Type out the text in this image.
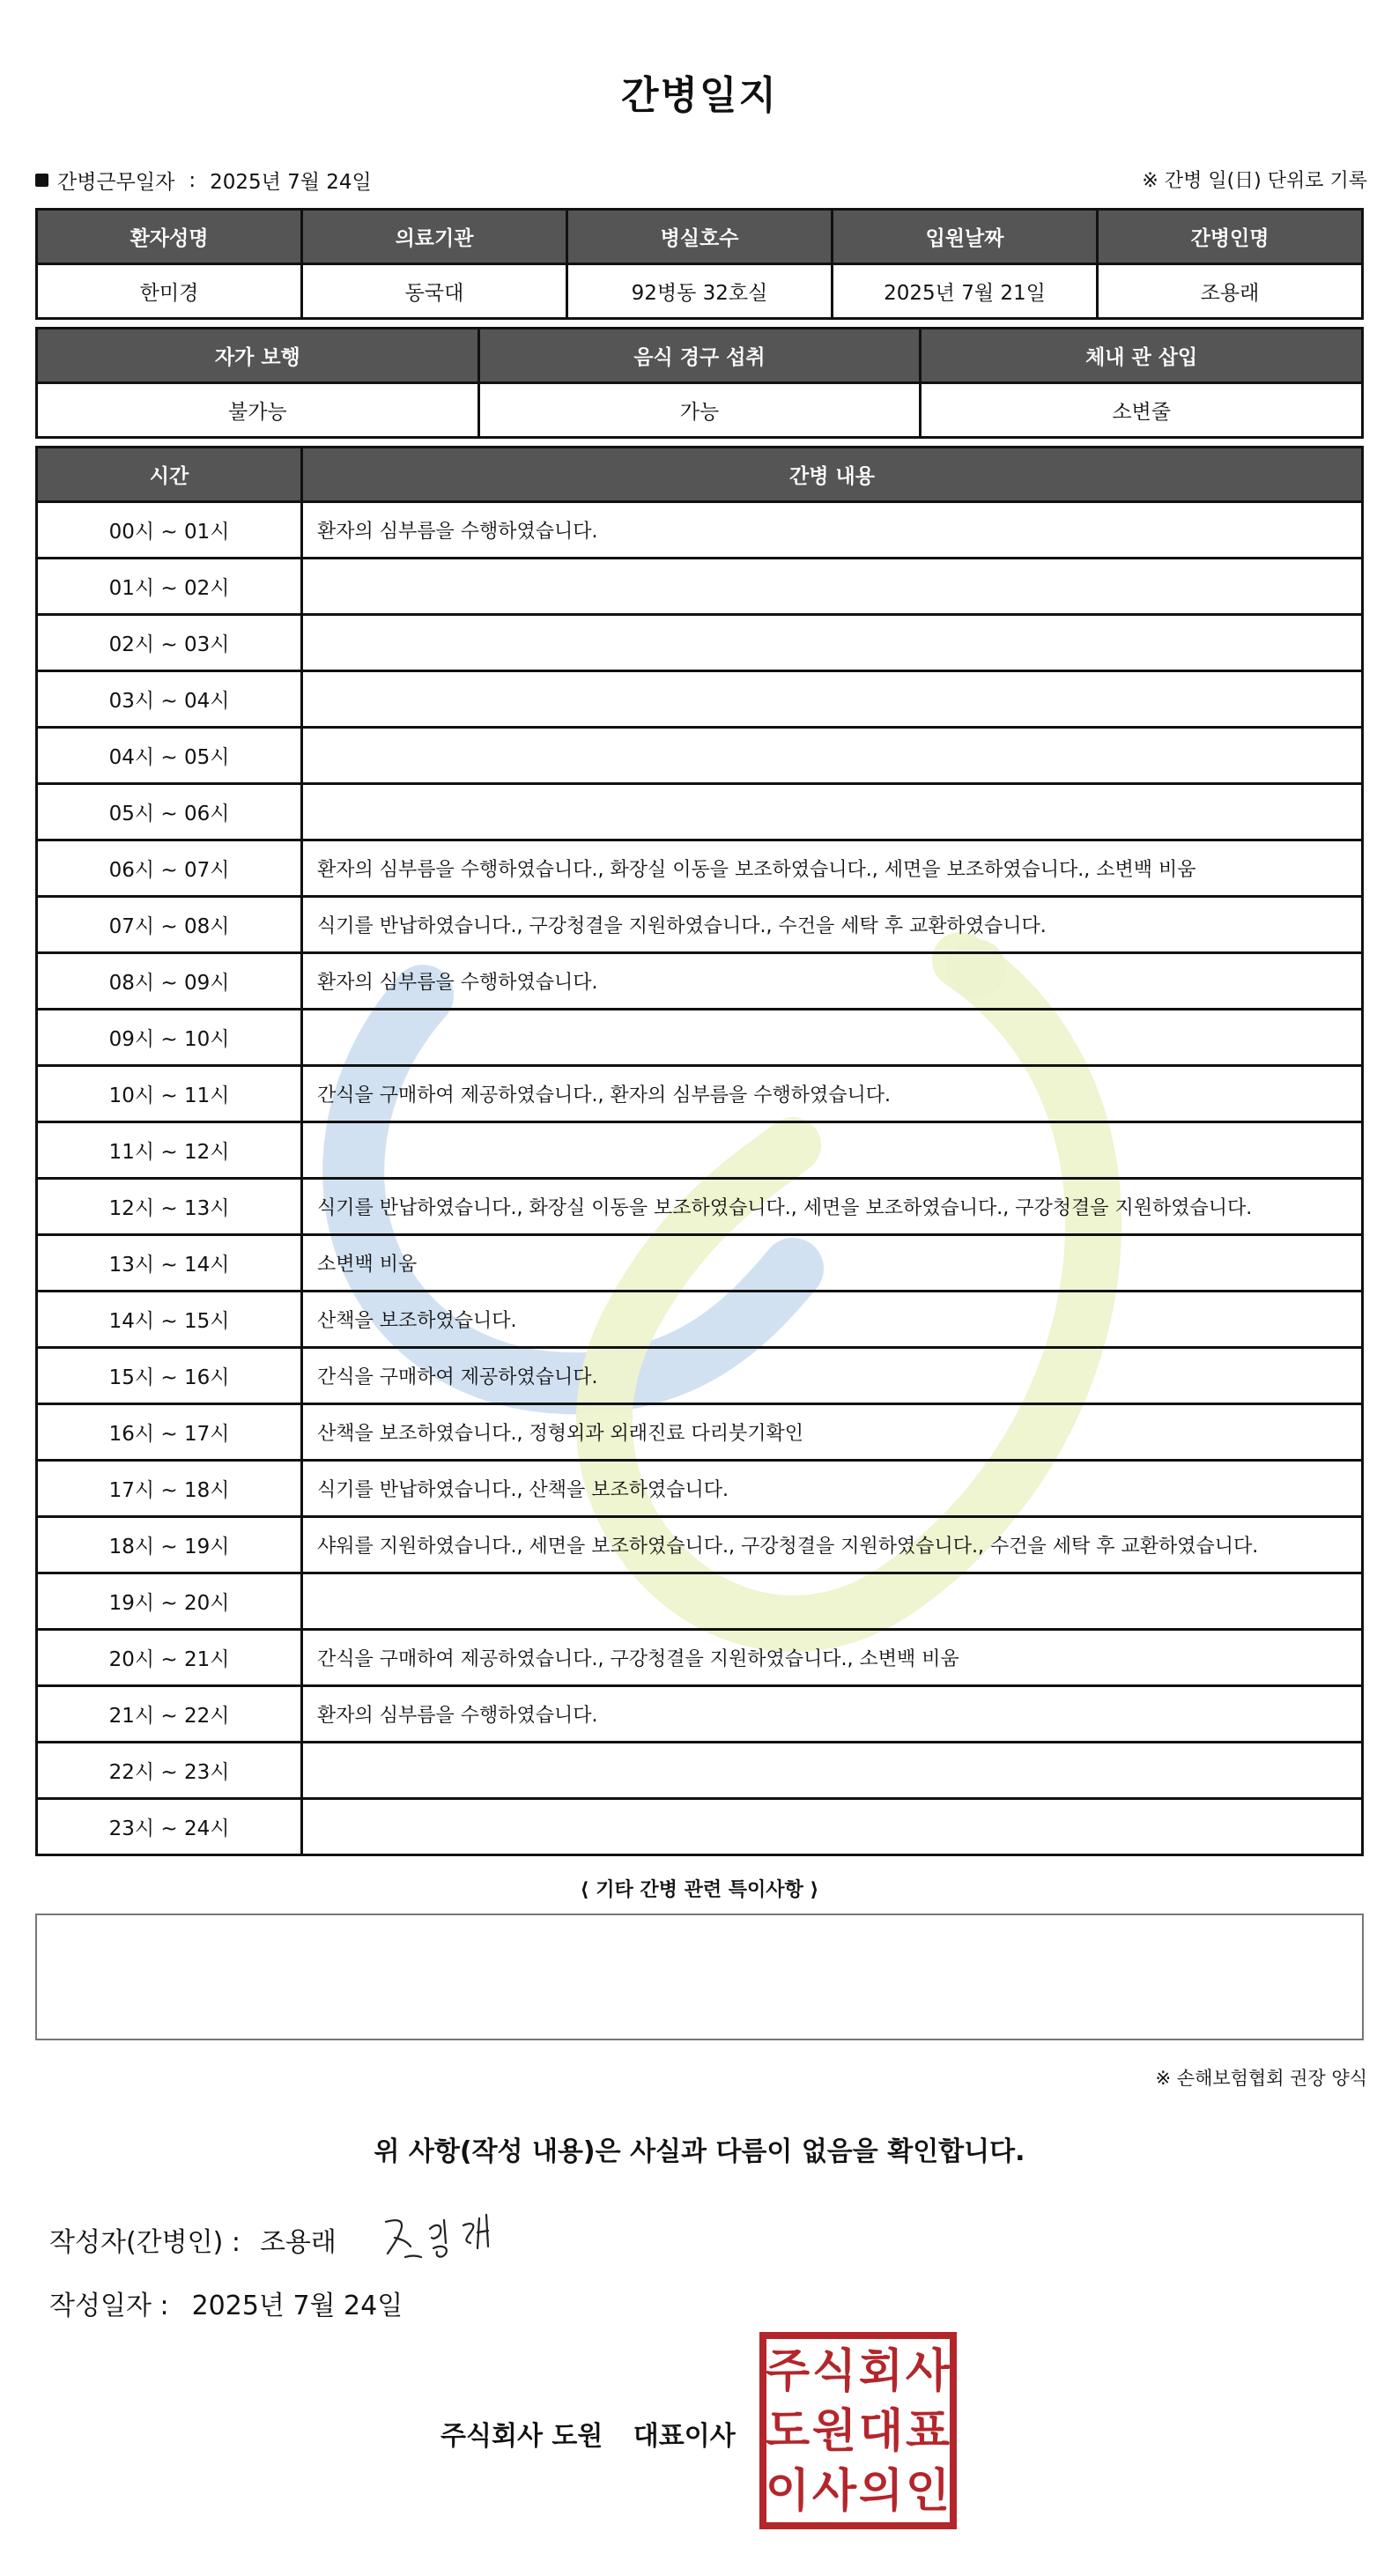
간병일지
간병근무일자 : 2025년 7월 24일	※ 간병 일(日) 단위로 기록
환자성명	의료기관	병실호수	입원날짜	간병인명
한미경	동국대	92병동 32호실	2025년 7월 21일	조용래
자가 보행	음식 경구 섭취	체내 관 삽입
불가능	가능	소변줄
시간	간병 내용
00시 ~ 01시	환자의 심부름을 수행하였습니다.
01시 ~ 02시	
02시 ~ 03시	
03시 ~ 04시	
04시 ~ 05시	
05시 ~ 06시	
06시 ~ 07시	환자의 심부름을 수행하였습니다., 화장실 이동을 보조하였습니다., 세면을 보조하였습니다., 소변백 비움
07시 ~ 08시	식기를 반납하였습니다., 구강청결을 지원하였습니다., 수건을 세탁 후 교환하였습니다.
08시 ~ 09시	환자의 심부름을 수행하였습니다.
09시 ~ 10시	
10시 ~ 11시	간식을 구매하여 제공하였습니다., 환자의 심부름을 수행하였습니다.
11시 ~ 12시	
12시 ~ 13시	식기를 반납하였습니다., 화장실 이동을 보조하였습니다., 세면을 보조하였습니다., 구강청결을 지원하였습니다.
13시 ~ 14시	소변백 비움
14시 ~ 15시	산책을 보조하였습니다.
15시 ~ 16시	간식을 구매하여 제공하였습니다.
16시 ~ 17시	산책을 보조하였습니다., 정형외과 외래진료 다리붓기확인
17시 ~ 18시	식기를 반납하였습니다., 산책을 보조하였습니다.
18시 ~ 19시	샤워를 지원하였습니다., 세면을 보조하였습니다., 구강청결을 지원하였습니다., 수건을 세탁 후 교환하였습니다.
19시 ~ 20시	
20시 ~ 21시	간식을 구매하여 제공하였습니다., 구강청결을 지원하였습니다., 소변백 비움
21시 ~ 22시	환자의 심부름을 수행하였습니다.
22시 ~ 23시	
23시 ~ 24시	
⟨ 기타 간병 관련 특이사항 ⟩
※ 손해보험협회 권장 양식
위 사항(작성 내용)은 사실과 다름이 없음을 확인합니다.
작성자(간병인) : 조용래
작성일자 : 2025년 7월 24일
주식회사 도원 대표이사
주 식 회 사
도 원 대 표
이 사 의 인
